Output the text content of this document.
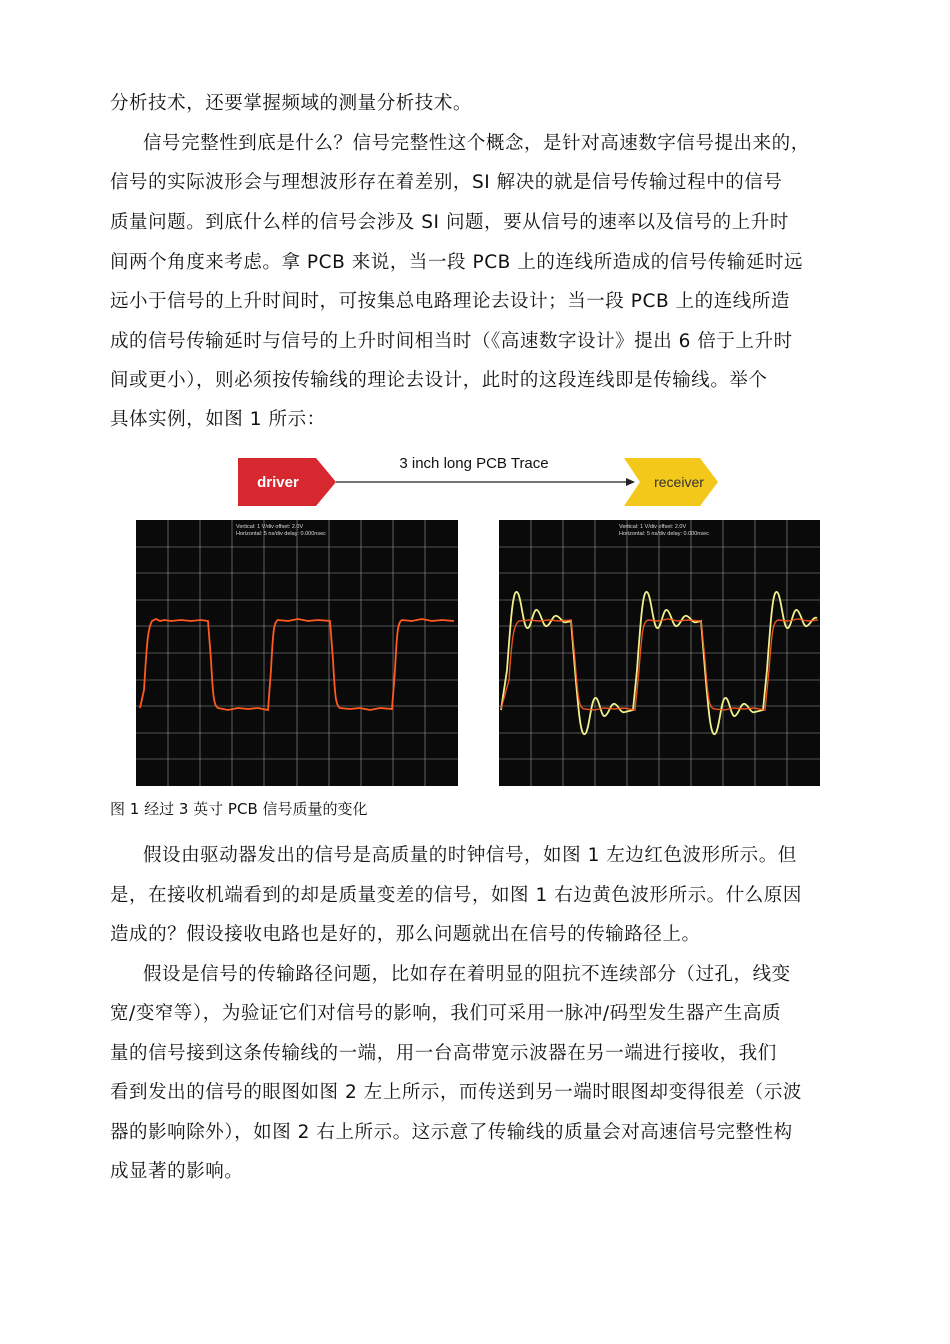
分析技术，还要掌握频域的测量分析技术。
信号完整性到底是什么？信号完整性这个概念，是针对高速数字信号提出来的，
信号的实际波形会与理想波形存在着差别，SI 解决的就是信号传输过程中的信号
质量问题。到底什么样的信号会涉及 SI 问题，要从信号的速率以及信号的上升时
间两个角度来考虑。拿 PCB 来说，当一段 PCB 上的连线所造成的信号传输延时远
远小于信号的上升时间时，可按集总电路理论去设计；当一段 PCB 上的连线所造
成的信号传输延时与信号的上升时间相当时（《高速数字设计》提出 6 倍于上升时
间或更小），则必须按传输线的理论去设计，此时的这段连线即是传输线。举个
具体实例，如图 1 所示：
driver
3 inch long PCB Trace
receiver
Vertical: 1 V/div offset: 2.0V
Horizontal: 5 ns/div delay: 0.000nsec
Vertical: 1 V/div offset: 2.0V
Horizontal: 5 ns/div delay: 0.000nsec
图 1 经过 3 英寸 PCB 信号质量的变化
假设由驱动器发出的信号是高质量的时钟信号，如图 1 左边红色波形所示。但
是，在接收机端看到的却是质量变差的信号，如图 1 右边黄色波形所示。什么原因
造成的？假设接收电路也是好的，那么问题就出在信号的传输路径上。
假设是信号的传输路径问题，比如存在着明显的阻抗不连续部分（过孔，线变
宽/变窄等），为验证它们对信号的影响，我们可采用一脉冲/码型发生器产生高质
量的信号接到这条传输线的一端，用一台高带宽示波器在另一端进行接收，我们
看到发出的信号的眼图如图 2 左上所示，而传送到另一端时眼图却变得很差（示波
器的影响除外），如图 2 右上所示。这示意了传输线的质量会对高速信号完整性构
成显著的影响。
